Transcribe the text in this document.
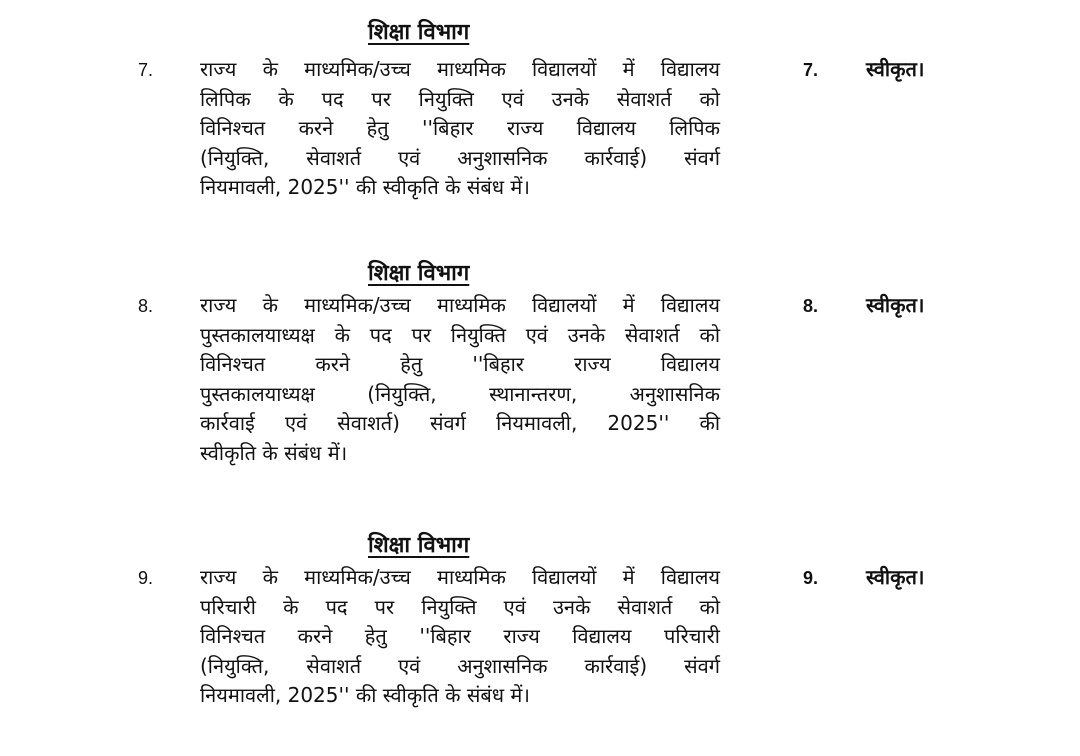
शिक्षा विभाग
7. राज्य के माध्यमिक/उच्च माध्यमिक विद्यालयों में विद्यालय
लिपिक के पद पर नियुक्ति एवं उनके सेवाशर्त को
विनिश्चत करने हेतु ''बिहार राज्य विद्यालय लिपिक
(नियुक्ति, सेवाशर्त एवं अनुशासनिक कार्रवाई) संवर्ग
नियमावली, 2025'' की स्वीकृति के संबंध में।
7. स्वीकृत।
शिक्षा विभाग
8. राज्य के माध्यमिक/उच्च माध्यमिक विद्यालयों में विद्यालय
पुस्तकालयाध्यक्ष के पद पर नियुक्ति एवं उनके सेवाशर्त को
विनिश्चत करने हेतु ''बिहार राज्य विद्यालय
पुस्तकालयाध्यक्ष (नियुक्ति, स्थानान्तरण, अनुशासनिक
कार्रवाई एवं सेवाशर्त) संवर्ग नियमावली, 2025'' की
स्वीकृति के संबंध में।
8. स्वीकृत।
शिक्षा विभाग
9. राज्य के माध्यमिक/उच्च माध्यमिक विद्यालयों में विद्यालय
परिचारी के पद पर नियुक्ति एवं उनके सेवाशर्त को
विनिश्चत करने हेतु ''बिहार राज्य विद्यालय परिचारी
(नियुक्ति, सेवाशर्त एवं अनुशासनिक कार्रवाई) संवर्ग
नियमावली, 2025'' की स्वीकृति के संबंध में।
9. स्वीकृत।
